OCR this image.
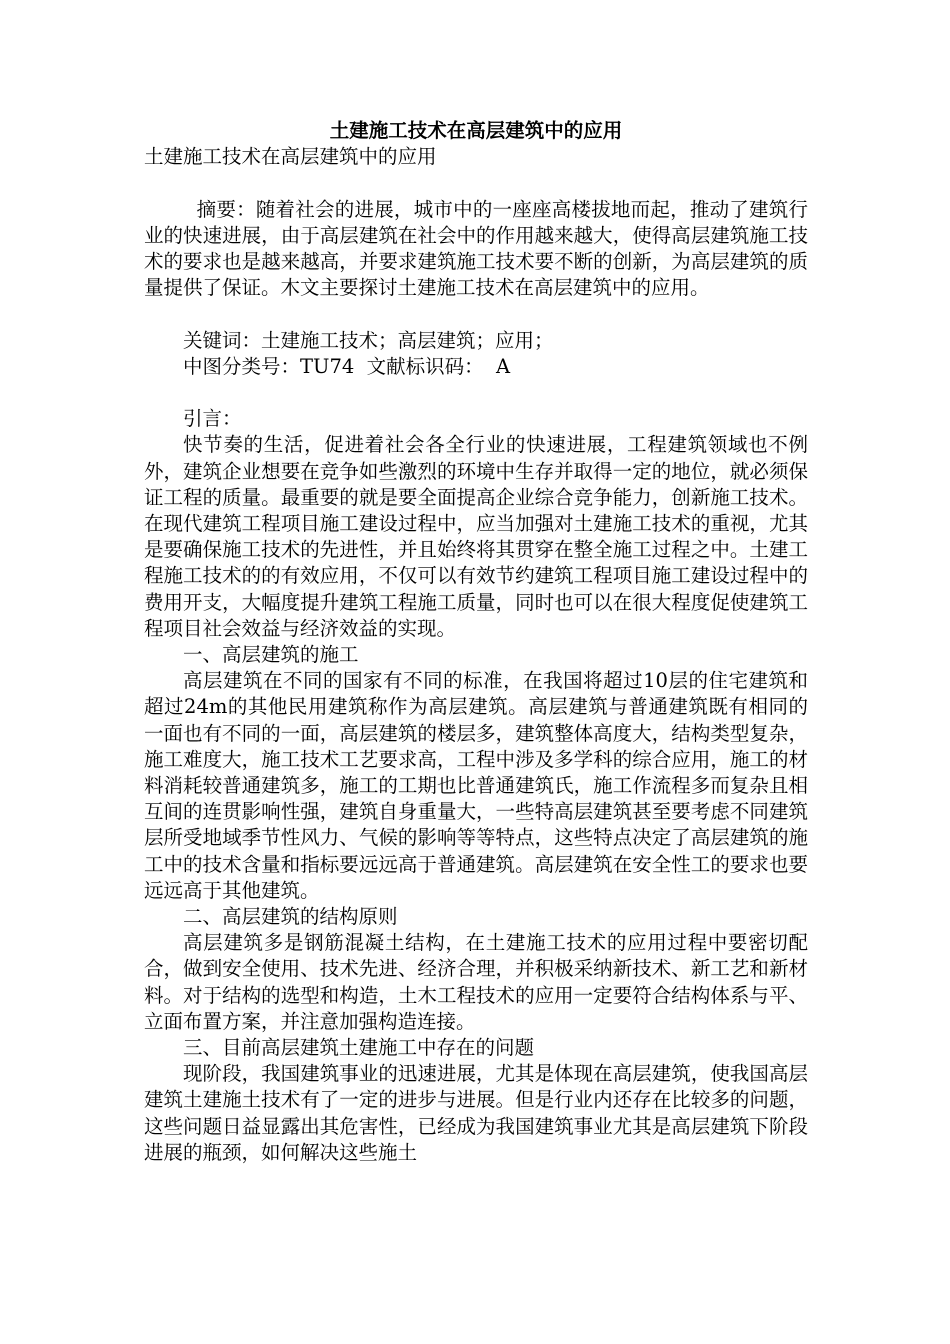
土建施工技术在高层建筑中的应用

土建施工技术在高层建筑中的应用

摘要：随着社会的进展，城市中的一座座高楼拔地而起，推动了建筑行业的快速进展，由于高层建筑在社会中的作用越来越大，使得高层建筑施工技术的要求也是越来越高，并要求建筑施工技术要不断的创新，为高层建筑的质量提供了保证。木文主要探讨土建施工技术在高层建筑中的应用。

关键词：土建施工技术；高层建筑；应用；

中图分类号：TU74  文献标识码：  A

引言：

快节奏的生活，促进着社会各全行业的快速进展，工程建筑领域也不例外，建筑企业想要在竞争如些激烈的环境中生存并取得一定的地位，就必须保证工程的质量。最重要的就是要全面提高企业综合竞争能力，创新施工技术。在现代建筑工程项目施工建设过程中，应当加强对土建施工技术的重视，尤其是要确保施工技术的先进性，并且始终将其贯穿在整全施工过程之中。土建工程施工技术的的有效应用，不仅可以有效节约建筑工程项目施工建设过程中的费用开支，大幅度提升建筑工程施工质量，同时也可以在很大程度促使建筑工程项目社会效益与经济效益的实现。

一、高层建筑的施工

高层建筑在不同的国家有不同的标准，在我国将超过10层的住宅建筑和超过24m的其他民用建筑称作为高层建筑。高层建筑与普通建筑既有相同的一面也有不同的一面，高层建筑的楼层多，建筑整体高度大，结构类型复杂，施工难度大，施工技术工艺要求高，工程中涉及多学科的综合应用，施工的材料消耗较普通建筑多，施工的工期也比普通建筑氏，施工作流程多而复杂且相互间的连贯影响性强，建筑自身重量大，一些特高层建筑甚至要考虑不同建筑层所受地域季节性风力、气候的影响等等特点，这些特点决定了高层建筑的施工中的技术含量和指标要远远高于普通建筑。高层建筑在安全性工的要求也要远远高于其他建筑。

二、高层建筑的结构原则

高层建筑多是钢筋混凝土结构，在土建施工技术的应用过程中要密切配合，做到安全使用、技术先进、经济合理，并积极采纳新技术、新工艺和新材料。对于结构的选型和构造，土木工程技术的应用一定要符合结构体系与平、立面布置方案，并注意加强构造连接。

三、目前高层建筑土建施工中存在的问题

现阶段，我国建筑事业的迅速进展，尤其是体现在高层建筑，使我国高层建筑土建施土技术有了一定的进步与进展。但是行业内还存在比较多的问题，这些问题日益显露出其危害性，已经成为我国建筑事业尤其是高层建筑下阶段进展的瓶颈，如何解决这些施土
